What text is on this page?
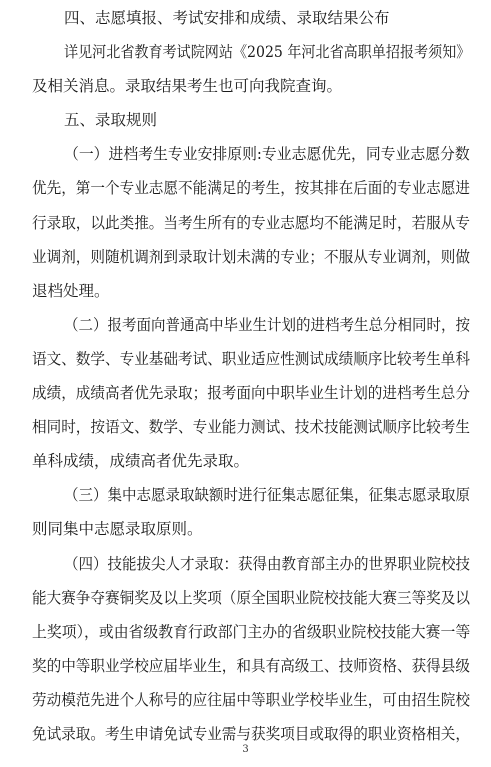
四、志愿填报、考试安排和成绩、录取结果公布
详见河北省教育考试院网站《2025 年河北省高职单招报考须知》
及相关消息。录取结果考生也可向我院查询。
五、录取规则
（一）进档考生专业安排原则:专业志愿优先，同专业志愿分数
优先，第一个专业志愿不能满足的考生，按其排在后面的专业志愿进
行录取，以此类推。当考生所有的专业志愿均不能满足时，若服从专
业调剂，则随机调剂到录取计划未满的专业；不服从专业调剂，则做
退档处理。
（二）报考面向普通高中毕业生计划的进档考生总分相同时，按
语文、数学、专业基础考试、职业适应性测试成绩顺序比较考生单科
成绩，成绩高者优先录取；报考面向中职毕业生计划的进档考生总分
相同时，按语文、数学、专业能力测试、技术技能测试顺序比较考生
单科成绩，成绩高者优先录取。
（三）集中志愿录取缺额时进行征集志愿征集，征集志愿录取原
则同集中志愿录取原则。
（四）技能拔尖人才录取：获得由教育部主办的世界职业院校技
能大赛争夺赛铜奖及以上奖项（原全国职业院校技能大赛三等奖及以
上奖项），或由省级教育行政部门主办的省级职业院校技能大赛一等
奖的中等职业学校应届毕业生，和具有高级工、技师资格、获得县级
劳动模范先进个人称号的应往届中等职业学校毕业生，可由招生院校
免试录取。考生申请免试专业需与获奖项目或取得的职业资格相关，
3
